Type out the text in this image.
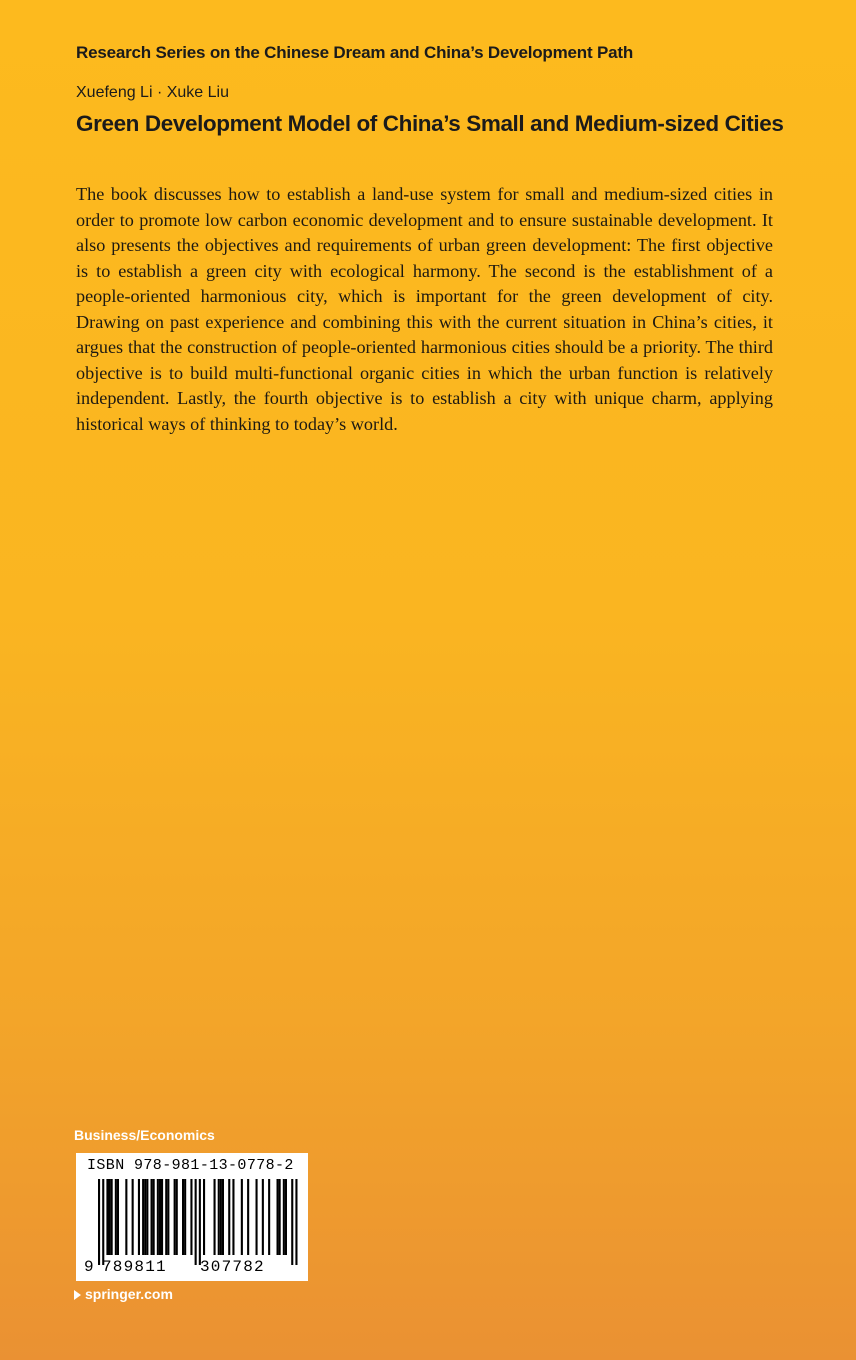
Research Series on the Chinese Dream and China’s Development Path
Xuefeng Li · Xuke Liu
Green Development Model of China’s Small and Medium-sized Cities

The book discusses how to establish a land-use system for small and medium-sized cities in order to promote low carbon economic development and to ensure sustainable development. It also presents the objectives and requirements of urban green development: The first objective is to establish a green city with ecological harmony. The second is the establishment of a people-oriented harmonious city, which is important for the green development of city. Drawing on past experience and combining this with the current situation in China’s cities, it argues that the construction of people-oriented harmonious cities should be a priority. The third objective is to build multi-functional organic cities in which the urban function is relatively independent. Lastly, the fourth objective is to establish a city with unique charm, applying historical ways of thinking to today’s world.

Business/Economics
ISBN 978-981-13-0778-2
9 789811 307782
springer.com
